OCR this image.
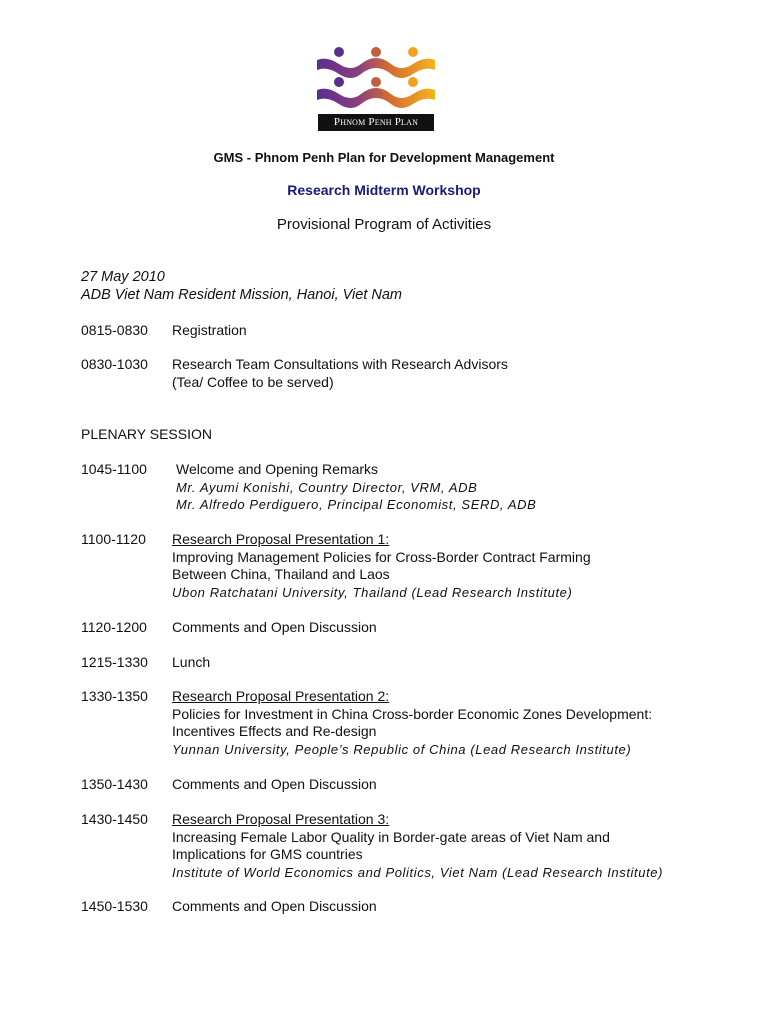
Phnom Penh Plan
GMS - Phnom Penh Plan for Development Management
Research Midterm Workshop
Provisional Program of Activities
27 May 2010
ADB Viet Nam Resident Mission, Hanoi, Viet Nam
0815-0830 Registration
0830-1030 Research Team Consultations with Research Advisors
(Tea/ Coffee to be served)
PLENARY SESSION
1045-1100 Welcome and Opening Remarks
Mr. Ayumi Konishi, Country Director, VRM, ADB
Mr. Alfredo Perdiguero, Principal Economist, SERD, ADB
1100-1120 Research Proposal Presentation 1:
Improving Management Policies for Cross-Border Contract Farming
Between China, Thailand and Laos
Ubon Ratchatani University, Thailand (Lead Research Institute)
1120-1200 Comments and Open Discussion
1215-1330 Lunch
1330-1350 Research Proposal Presentation 2:
Policies for Investment in China Cross-border Economic Zones Development:
Incentives Effects and Re-design
Yunnan University, People’s Republic of China (Lead Research Institute)
1350-1430 Comments and Open Discussion
1430-1450 Research Proposal Presentation 3:
Increasing Female Labor Quality in Border-gate areas of Viet Nam and
Implications for GMS countries
Institute of World Economics and Politics, Viet Nam (Lead Research Institute)
1450-1530 Comments and Open Discussion
